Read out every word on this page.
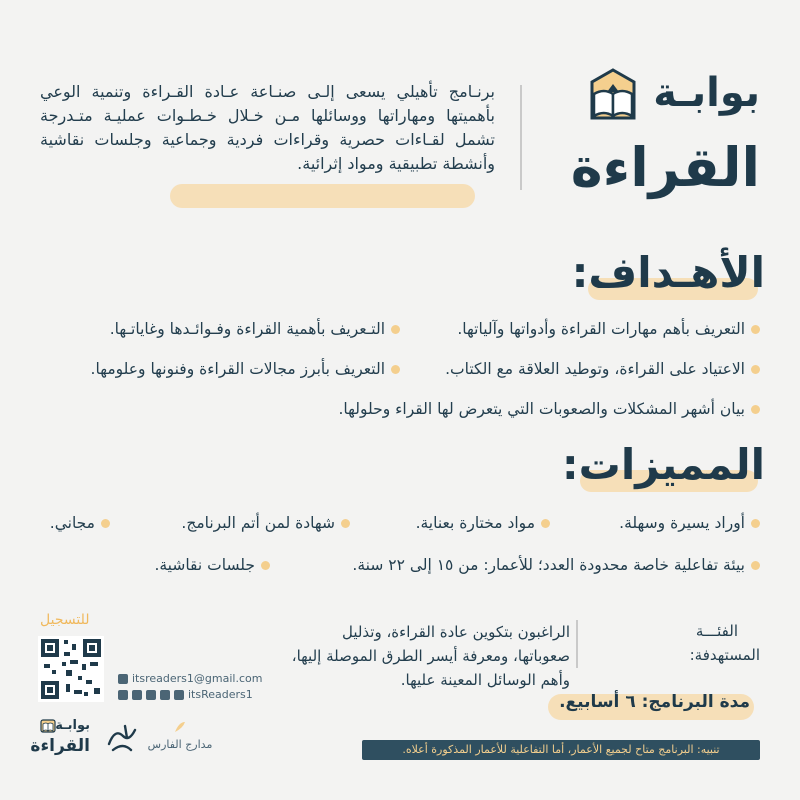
بوابـة
القراءة
برنـامج تأهيلي يسعى إلـى صنـاعة عـادة القـراءة وتنمية الوعي بأهميتها ومهاراتها ووسائلها مـن خـلال خـطـوات عمليـة متـدرجة تشمل لقـاءات حصرية وقراءات فردية وجماعية وجلسات نقاشية وأنشطة تطبيقية ومواد إثرائية.
الأهـداف:
التعريف بأهم مهارات القراءة وأدواتها وآلياتها.
التـعريف بأهمية القراءة وفـوائـدها وغاياتـها.
الاعتياد على القراءة، وتوطيد العلاقة مع الكتاب.
التعريف بأبرز مجالات القراءة وفنونها وعلومها.
بيان أشهر المشكلات والصعوبات التي يتعرض لها القراء وحلولها.
المميزات:
أوراد يسيرة وسهلة.
مواد مختارة بعناية.
شهادة لمن أتم البرنامج.
مجاني.
بيئة تفاعلية خاصة محدودة العدد؛ للأعمار: من ١٥ إلى ٢٢ سنة.
جلسات نقاشية.
الفئـــة
المستهدفة:
الراغبون بتكوين عادة القراءة، وتذليل صعوباتها، ومعرفة أيسر الطرق الموصلة إليها، وأهم الوسائل المعينة عليها.
مدة البرنامج: ٦ أسابيع.
تنبيه: البرنامج متاح لجميع الأعمار، أما التفاعلية للأعمار المذكورة أعلاه.
للتسجيل
itsreaders1@gmail.com
itsReaders1
بوابـة
القراءة	مدارج الفارس
